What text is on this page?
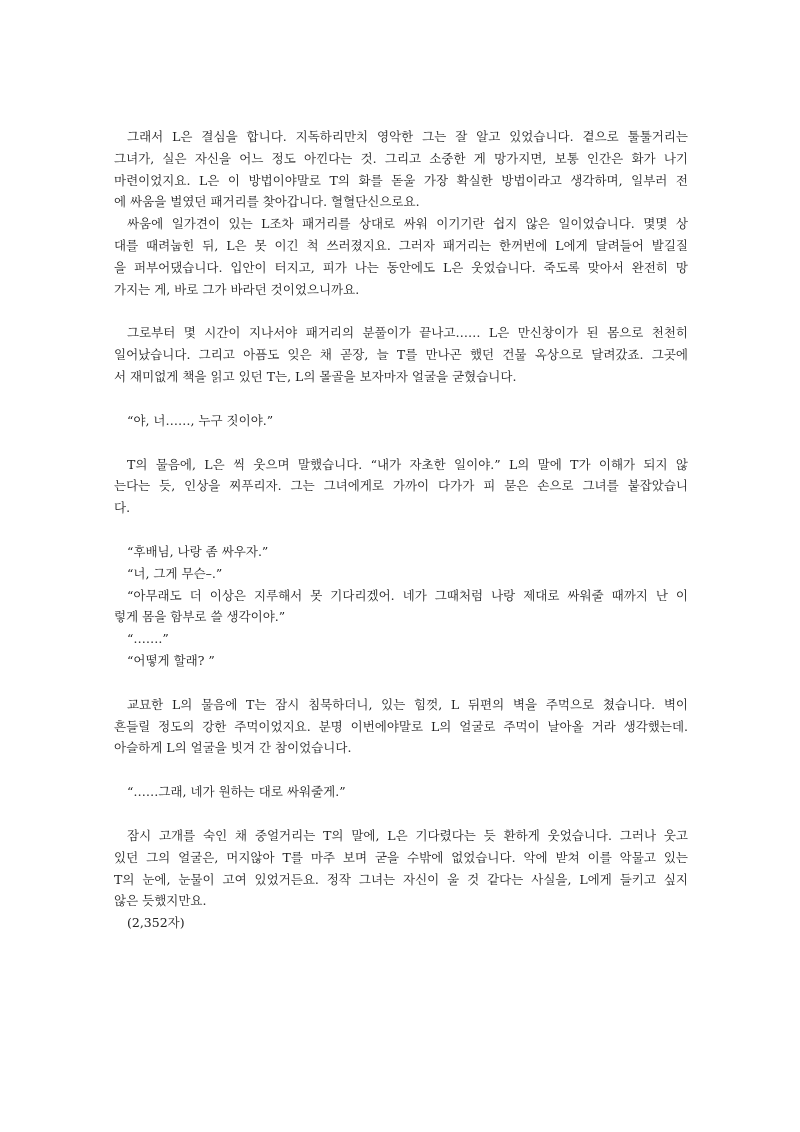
그래서 L은 결심을 합니다. 지독하리만치 영악한 그는 잘 알고 있었습니다. 곁으로 툴툴거리는
그녀가, 실은 자신을 어느 정도 아낀다는 것. 그리고 소중한 게 망가지면, 보통 인간은 화가 나기
마련이었지요. L은 이 방법이야말로 T의 화를 돋울 가장 확실한 방법이라고 생각하며, 일부러 전
에 싸움을 벌였던 패거리를 찾아갑니다. 혈혈단신으로요.
싸움에 일가견이 있는 L조차 패거리를 상대로 싸워 이기기란 쉽지 않은 일이었습니다. 몇몇 상
대를 때려눕힌 뒤, L은 못 이긴 척 쓰러졌지요. 그러자 패거리는 한꺼번에 L에게 달려들어 발길질
을 퍼부어댔습니다. 입안이 터지고, 피가 나는 동안에도 L은 웃었습니다. 죽도록 맞아서 완전히 망
가지는 게, 바로 그가 바라던 것이었으니까요.
그로부터 몇 시간이 지나서야 패거리의 분풀이가 끝나고…… L은 만신창이가 된 몸으로 천천히
일어났습니다. 그리고 아픔도 잊은 채 곧장, 늘 T를 만나곤 했던 건물 옥상으로 달려갔죠. 그곳에
서 재미없게 책을 읽고 있던 T는, L의 몰골을 보자마자 얼굴을 굳혔습니다.
“야, 너……, 누구 짓이야.”
T의 물음에, L은 씩 웃으며 말했습니다. “내가 자초한 일이야.” L의 말에 T가 이해가 되지 않
는다는 듯, 인상을 찌푸리자. 그는 그녀에게로 가까이 다가가 피 묻은 손으로 그녀를 붙잡았습니
다.
“후배님, 나랑 좀 싸우자.”
“너, 그게 무슨–.”
“아무래도 더 이상은 지루해서 못 기다리겠어. 네가 그때처럼 나랑 제대로 싸워줄 때까지 난 이
렇게 몸을 함부로 쓸 생각이야.”
“…….”
“어떻게 할래? ”
교묘한 L의 물음에 T는 잠시 침묵하더니, 있는 힘껏, L 뒤편의 벽을 주먹으로 쳤습니다. 벽이
흔들릴 정도의 강한 주먹이었지요. 분명 이번에야말로 L의 얼굴로 주먹이 날아올 거라 생각했는데.
아슬하게 L의 얼굴을 빗겨 간 참이었습니다.
“……그래, 네가 원하는 대로 싸워줄게.”
잠시 고개를 숙인 채 중얼거리는 T의 말에, L은 기다렸다는 듯 환하게 웃었습니다. 그러나 웃고
있던 그의 얼굴은, 머지않아 T를 마주 보며 굳을 수밖에 없었습니다. 악에 받쳐 이를 악물고 있는
T의 눈에, 눈물이 고여 있었거든요. 정작 그녀는 자신이 울 것 같다는 사실을, L에게 들키고 싶지
않은 듯했지만요.
(2,352자)
